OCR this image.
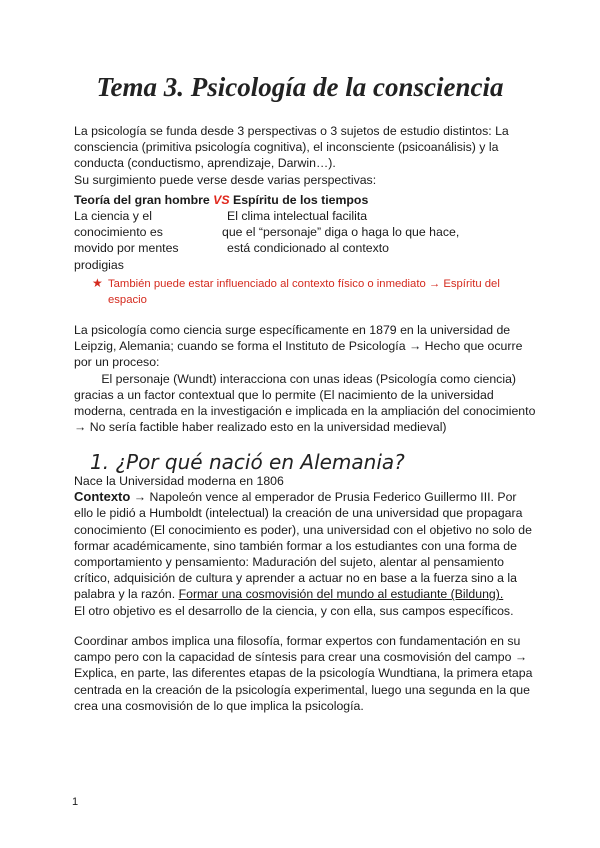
Tema 3. Psicología de la consciencia
La psicología se funda desde 3 perspectivas o 3 sujetos de estudio distintos: La
consciencia (primitiva psicología cognitiva), el inconsciente (psicoanálisis) y la
conducta (conductismo, aprendizaje, Darwin…).
Su surgimiento puede verse desde varias perspectivas:
Teoría del gran hombre VS Espíritu de los tiempos
La ciencia y el
conocimiento es
movido por mentes
prodigias
El clima intelectual facilita
que el “personaje” diga o haga lo que hace,
está condicionado al contexto
★ También puede estar influenciado al contexto físico o inmediato → Espíritu del
espacio
La psicología como ciencia surge específicamente en 1879 en la universidad de
Leipzig, Alemania; cuando se forma el Instituto de Psicología → Hecho que ocurre
por un proceso:
El personaje (Wundt) interacciona con unas ideas (Psicología como ciencia)
gracias a un factor contextual que lo permite (El nacimiento de la universidad
moderna, centrada en la investigación e implicada en la ampliación del conocimiento
→ No sería factible haber realizado esto en la universidad medieval)
1. ¿Por qué nació en Alemania?
Nace la Universidad moderna en 1806
Contexto → Napoleón vence al emperador de Prusia Federico Guillermo III. Por
ello le pidió a Humboldt (intelectual) la creación de una universidad que propagara
conocimiento (El conocimiento es poder), una universidad con el objetivo no solo de
formar académicamente, sino también formar a los estudiantes con una forma de
comportamiento y pensamiento: Maduración del sujeto, alentar al pensamiento
crítico, adquisición de cultura y aprender a actuar no en base a la fuerza sino a la
palabra y la razón. Formar una cosmovisión del mundo al estudiante (Bildung).
El otro objetivo es el desarrollo de la ciencia, y con ella, sus campos específicos.
Coordinar ambos implica una filosofía, formar expertos con fundamentación en su
campo pero con la capacidad de síntesis para crear una cosmovisión del campo →
Explica, en parte, las diferentes etapas de la psicología Wundtiana, la primera etapa
centrada en la creación de la psicología experimental, luego una segunda en la que
crea una cosmovisión de lo que implica la psicología.
1
